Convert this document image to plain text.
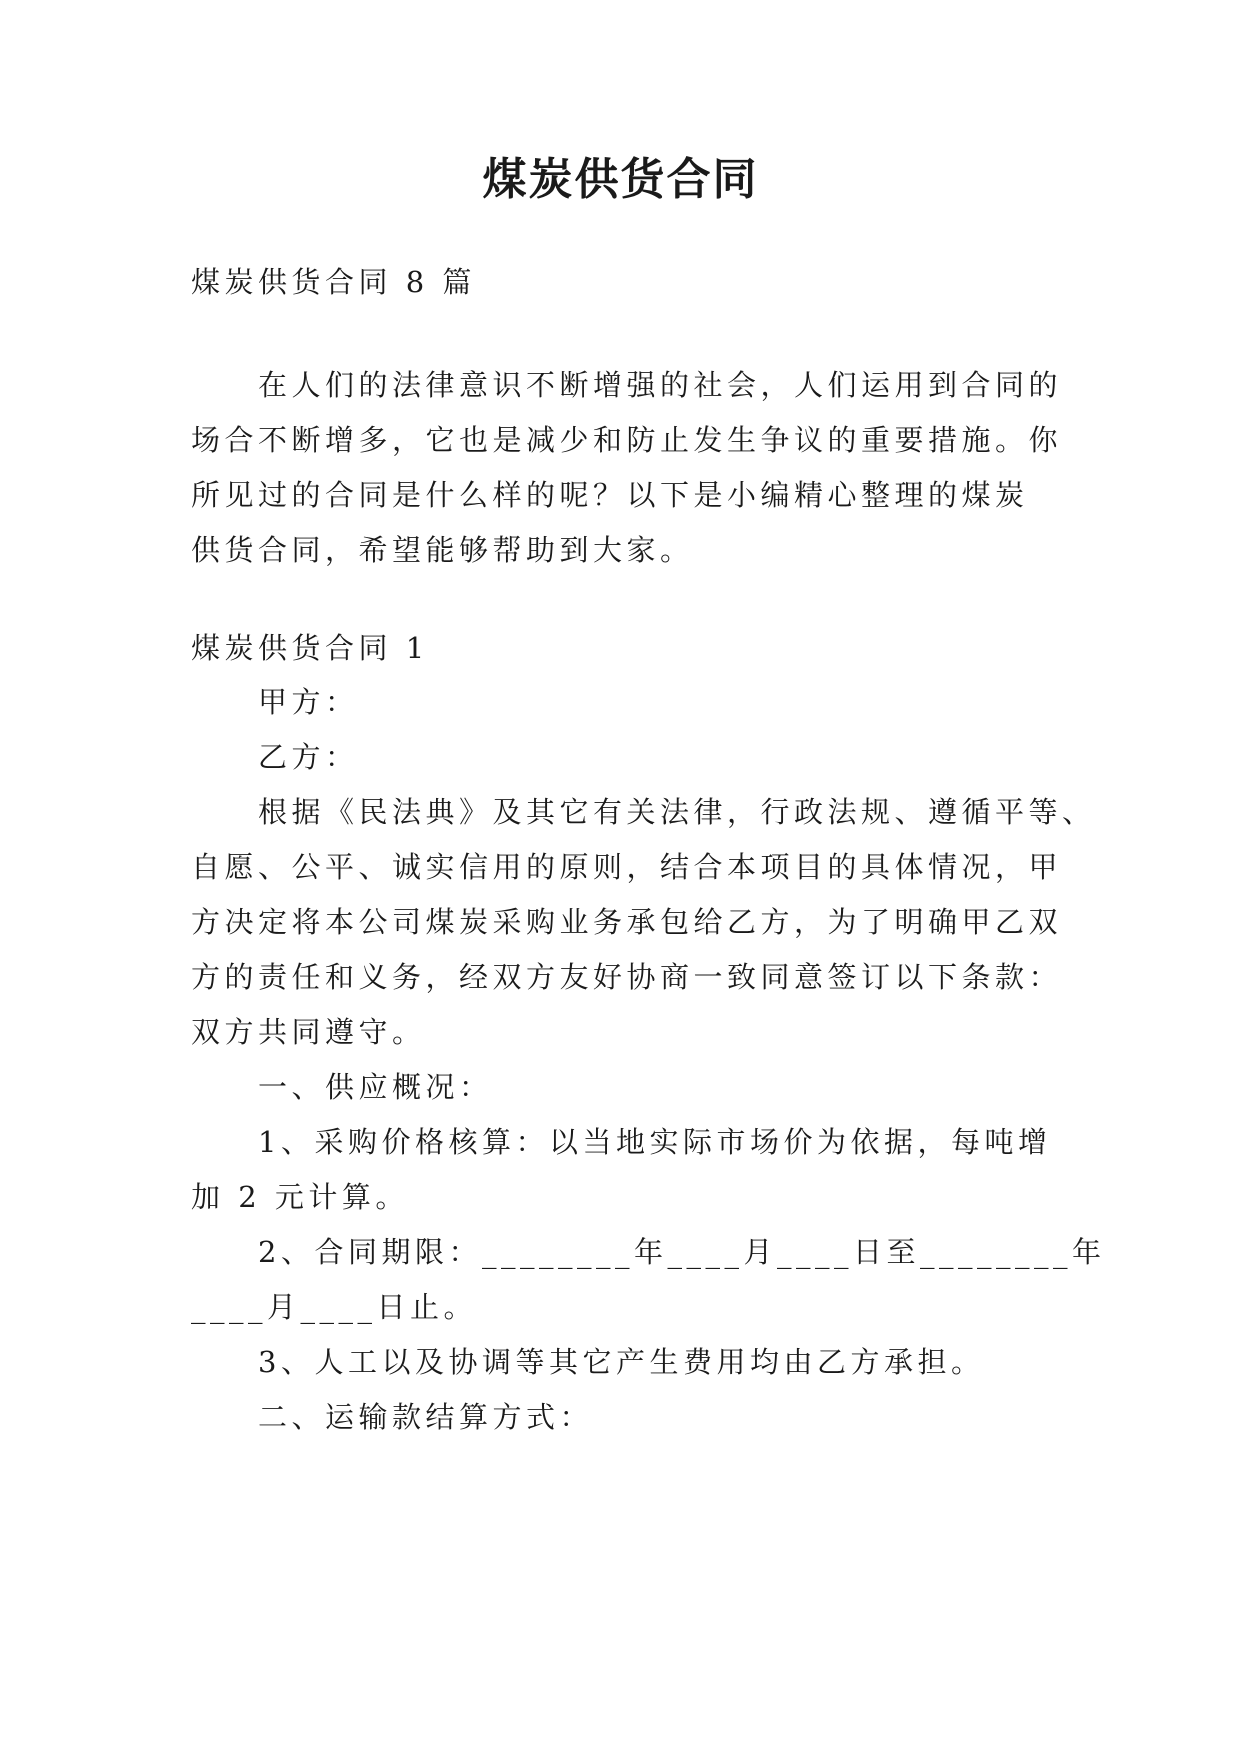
煤炭供货合同

煤炭供货合同 8 篇

在人们的法律意识不断增强的社会，人们运用到合同的

场合不断增多，它也是减少和防止发生争议的重要措施。你

所见过的合同是什么样的呢？以下是小编精心整理的煤炭

供货合同，希望能够帮助到大家。

煤炭供货合同 1

甲方：

乙方：

根据《民法典》及其它有关法律，行政法规、遵循平等、

自愿、公平、诚实信用的原则，结合本项目的具体情况，甲

方决定将本公司煤炭采购业务承包给乙方，为了明确甲乙双

方的责任和义务，经双方友好协商一致同意签订以下条款：

双方共同遵守。

一、供应概况：

1、采购价格核算：以当地实际市场价为依据，每吨增

加 2 元计算。

2、合同期限：________年____月____日至________年

____月____日止。

3、人工以及协调等其它产生费用均由乙方承担。

二、运输款结算方式：
